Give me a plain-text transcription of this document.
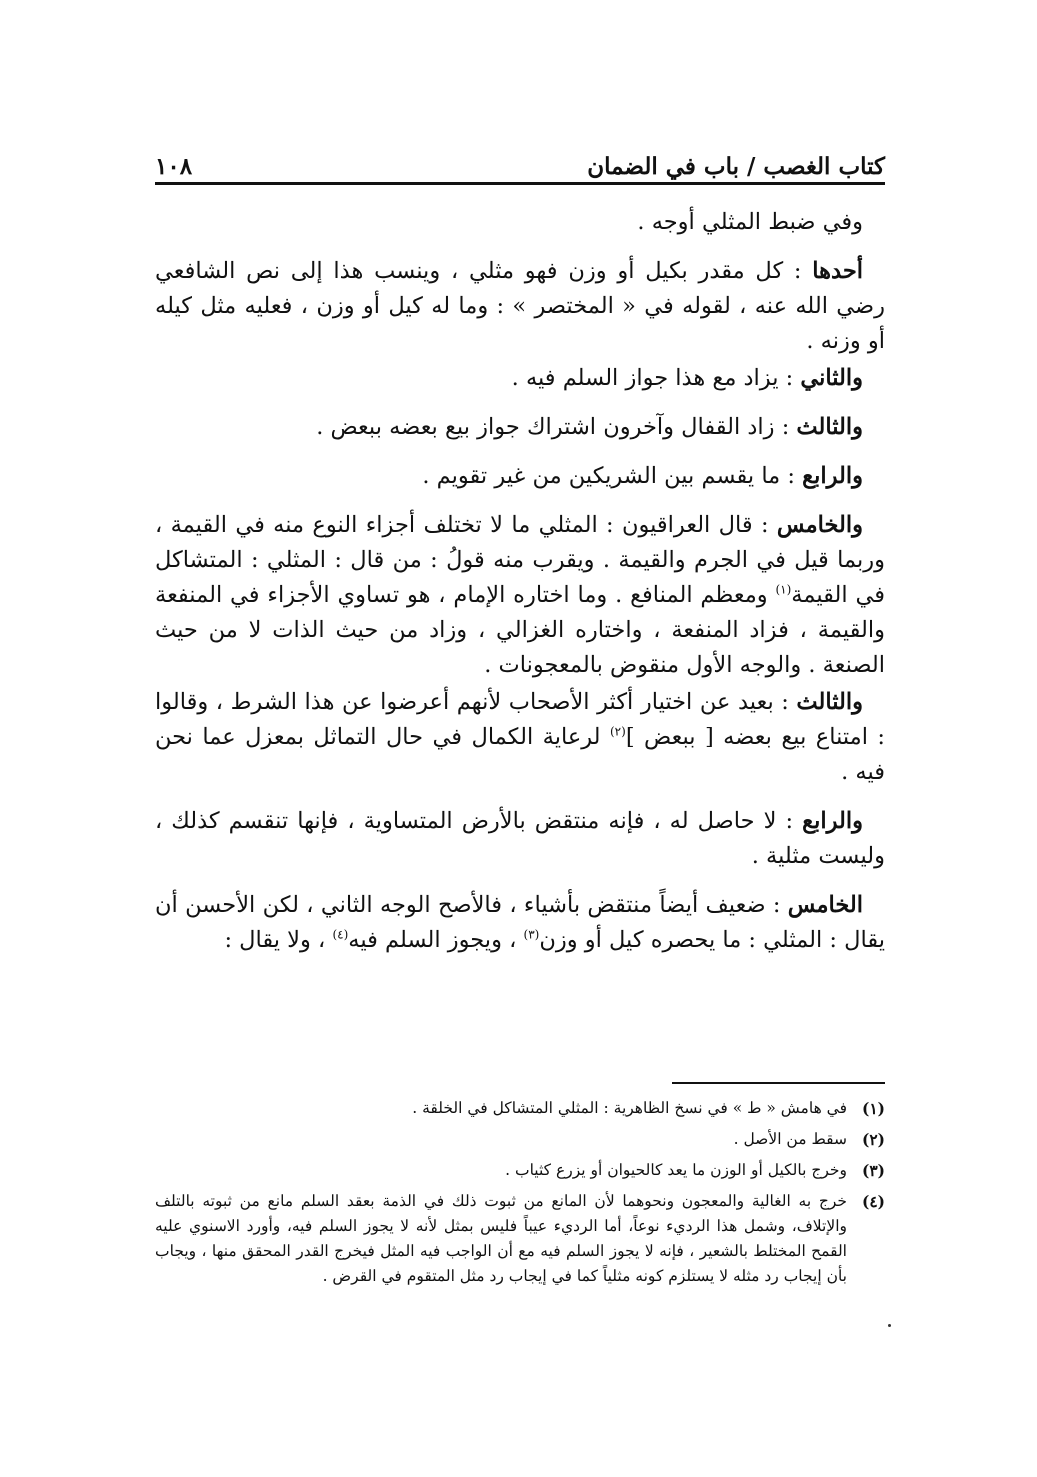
كتاب الغصب / باب في الضمان
١٠٨

وفي ضبط المثلي أوجه .

أحدها : كل مقدر بكيل أو وزن فهو مثلي ، وينسب هذا إلى نص الشافعي رضي الله عنه ، لقوله في « المختصر » : وما له كيل أو وزن ، فعليه مثل كيله أو وزنه .

والثاني : يزاد مع هذا جواز السلم فيه .

والثالث : زاد القفال وآخرون اشتراك جواز بيع بعضه ببعض .

والرابع : ما يقسم بين الشريكين من غير تقويم .

والخامس : قال العراقيون : المثلي ما لا تختلف أجزاء النوع منه في القيمة ، وربما قيل في الجرم والقيمة . ويقرب منه قولُ : من قال : المثلي : المتشاكل في القيمة$^{(١)}$ ومعظم المنافع . وما اختاره الإمام ، هو تساوي الأجزاء في المنفعة والقيمة ، فزاد المنفعة ، واختاره الغزالي ، وزاد من حيث الذات لا من حيث الصنعة . والوجه الأول منقوض بالمعجونات .

والثالث : بعيد عن اختيار أكثر الأصحاب لأنهم أعرضوا عن هذا الشرط ، وقالوا : امتناع بيع بعضه [ ببعض ]$^{(٢)}$ لرعاية الكمال في حال التماثل بمعزل عما نحن فيه .

والرابع : لا حاصل له ، فإنه منتقض بالأرض المتساوية ، فإنها تنقسم كذلك ، وليست مثلية .

الخامس : ضعيف أيضاً منتقض بأشياء ، فالأصح الوجه الثاني ، لكن الأحسن أن يقال : المثلي : ما يحصره كيل أو وزن$^{(٣)}$ ، ويجوز السلم فيه$^{(٤)}$ ، ولا يقال :

(١)
في هامش « ط » في نسخ الظاهرية : المثلي المتشاكل في الخلقة .
(٢)
سقط من الأصل .
(٣)
وخرج بالكيل أو الوزن ما يعد كالحيوان أو يزرع كثياب .
(٤)
خرج به الغالية والمعجون ونحوهما لأن المانع من ثبوت ذلك في الذمة بعقد السلم مانع من ثبوته بالتلف والإتلاف، وشمل هذا الرديء نوعاً، أما الرديء عيباً فليس بمثل لأنه لا يجوز السلم فيه، وأورد الاسنوي عليه القمح المختلط بالشعير ، فإنه لا يجوز السلم فيه مع أن الواجب فيه المثل فيخرج القدر المحقق منها ، ويجاب بأن إيجاب رد مثله لا يستلزم كونه مثلياً كما في إيجاب رد مثل المتقوم في القرض .
